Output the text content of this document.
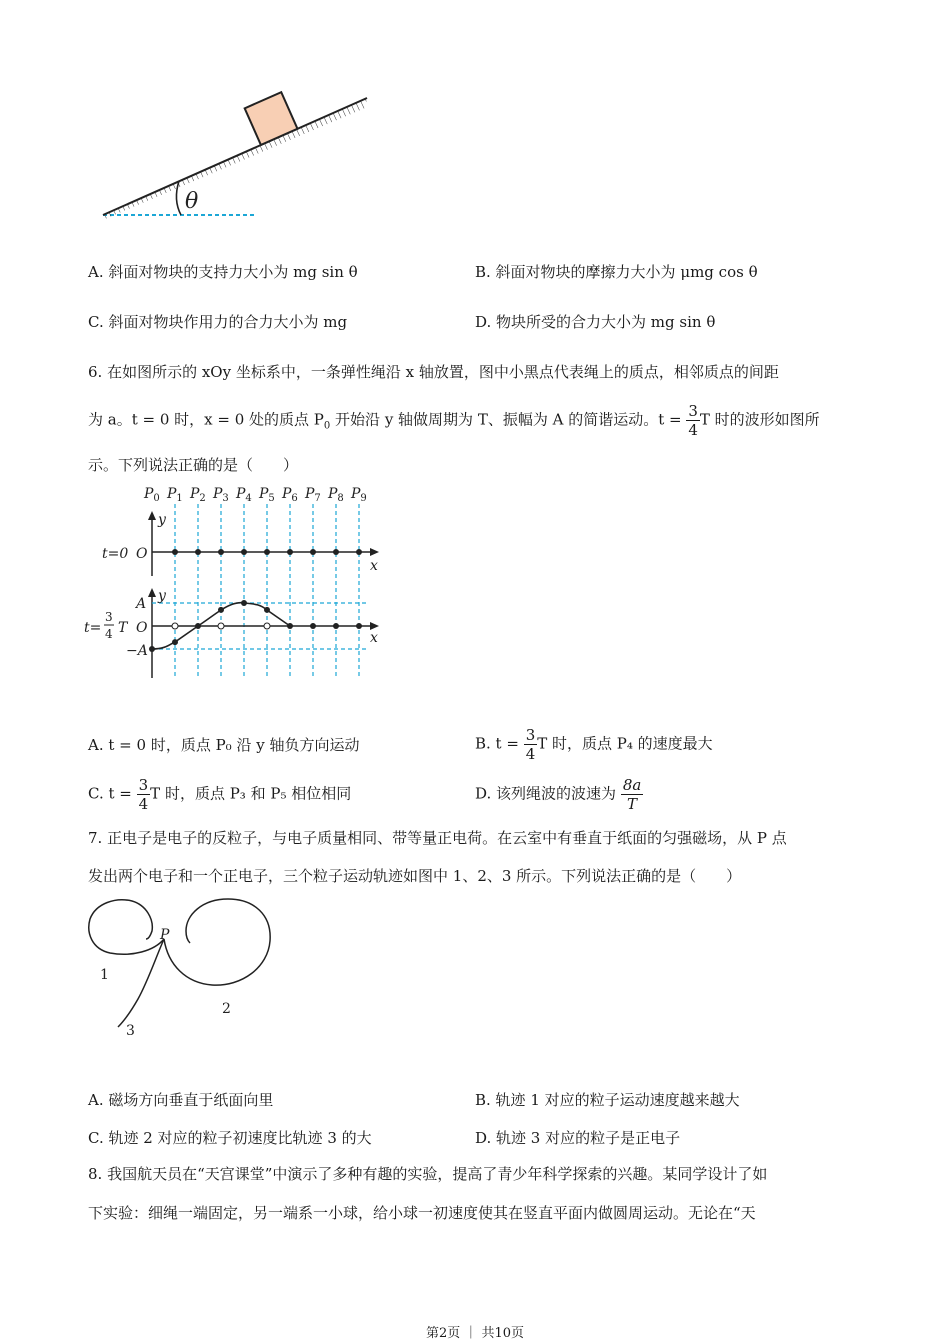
θ
A. 斜面对物块的支持力大小为 mg sin θ	B. 斜面对物块的摩擦力大小为 μmg cos θ
C. 斜面对物块作用力的合力大小为 mg	D. 物块所受的合力大小为 mg sin θ
6. 在如图所示的 xOy 坐标系中，一条弹性绳沿 x 轴放置，图中小黑点代表绳上的质点，相邻质点的间距
为 a。t = 0 时，x = 0 处的质点 $P_0$ 开始沿 y 轴做周期为 T、振幅为 A 的简谐运动。$t = \frac{3}{4}$ T 时的波形如图所
示。下列说法正确的是（　　）
$P_0$ $P_1$ $P_2$ $P_3$ $P_4$ $P_5$ $P_6$ $P_7$ $P_8$ $P_9$
t=0
y
O
x
t=
3
4 T
y
A
O
−A
x
A. t = 0 时，质点 P₀ 沿 y 轴负方向运动	B. $t = \frac{3}{4}$ T 时，质点 P₄ 的速度最大
C. $t = \frac{3}{4}$ T 时，质点 P₃ 和 P₅ 相位相同	D. 该列绳波的波速为 $\frac{8a}{T}$
7. 正电子是电子的反粒子，与电子质量相同、带等量正电荷。在云室中有垂直于纸面的匀强磁场，从 P 点
发出两个电子和一个正电子，三个粒子运动轨迹如图中 1、2、3 所示。下列说法正确的是（　　）
P
1
2
3
A. 磁场方向垂直于纸面向里	B. 轨迹 1 对应的粒子运动速度越来越大
C. 轨迹 2 对应的粒子初速度比轨迹 3 的大	D. 轨迹 3 对应的粒子是正电子
8. 我国航天员在“天宫课堂”中演示了多种有趣的实验，提高了青少年科学探索的兴趣。某同学设计了如
下实验：细绳一端固定，另一端系一小球，给小球一初速度使其在竖直平面内做圆周运动。无论在“天
第2页 ｜ 共10页
